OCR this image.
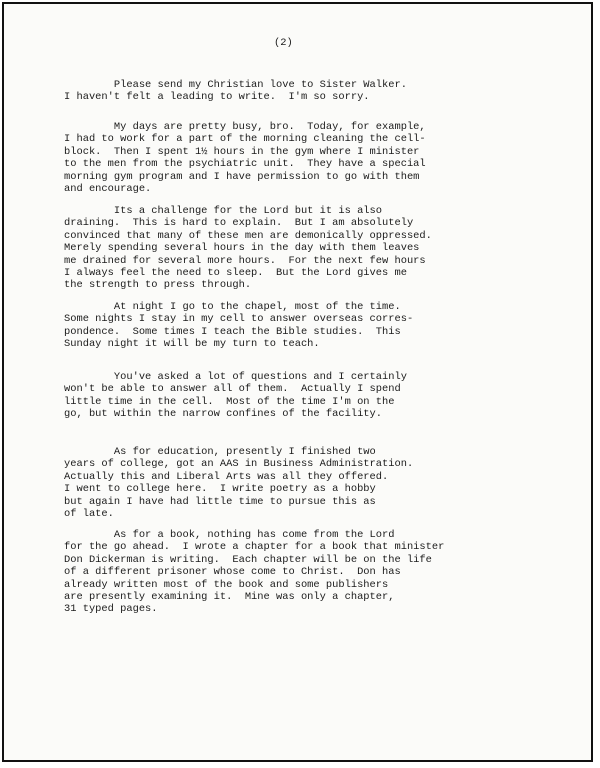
(2)
Please send my Christian love to Sister Walker.
I haven't felt a leading to write.  I'm so sorry.
My days are pretty busy, bro.  Today, for example,
I had to work for a part of the morning cleaning the cell-
block.  Then I spent 1½ hours in the gym where I minister
to the men from the psychiatric unit.  They have a special
morning gym program and I have permission to go with them
and encourage.
Its a challenge for the Lord but it is also
draining.  This is hard to explain.  But I am absolutely
convinced that many of these men are demonically oppressed.
Merely spending several hours in the day with them leaves
me drained for several more hours.  For the next few hours
I always feel the need to sleep.  But the Lord gives me
the strength to press through.
At night I go to the chapel, most of the time.
Some nights I stay in my cell to answer overseas corres-
pondence.  Some times I teach the Bible studies.  This
Sunday night it will be my turn to teach.
You've asked a lot of questions and I certainly
won't be able to answer all of them.  Actually I spend
little time in the cell.  Most of the time I'm on the
go, but within the narrow confines of the facility.
As for education, presently I finished two
years of college, got an AAS in Business Administration.
Actually this and Liberal Arts was all they offered.
I went to college here.  I write poetry as a hobby
but again I have had little time to pursue this as
of late.
As for a book, nothing has come from the Lord
for the go ahead.  I wrote a chapter for a book that minister
Don Dickerman is writing.  Each chapter will be on the life
of a different prisoner whose come to Christ.  Don has
already written most of the book and some publishers
are presently examining it.  Mine was only a chapter,
31 typed pages.
